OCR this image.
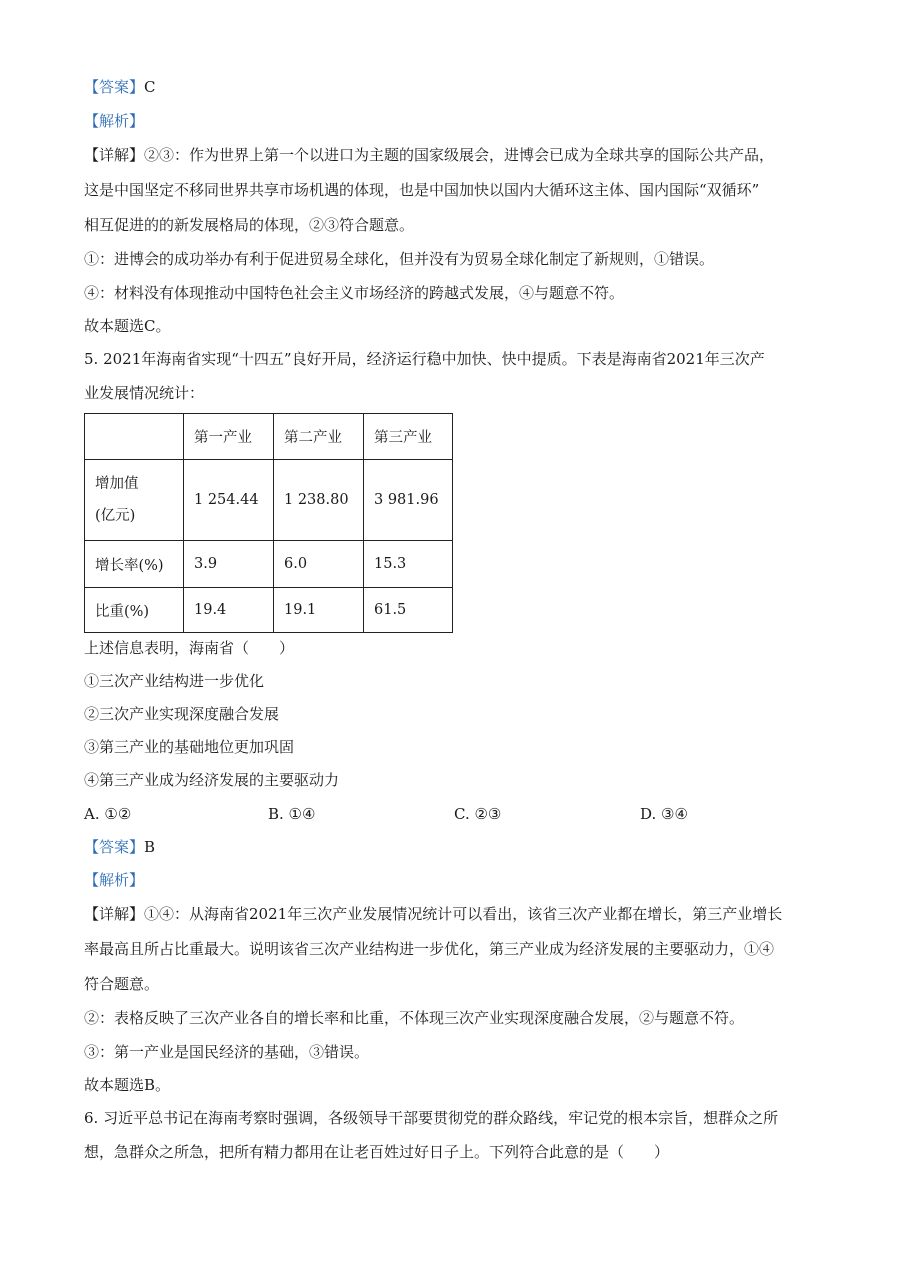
【答案】C
【解析】
【详解】②③：作为世界上第一个以进口为主题的国家级展会，进博会已成为全球共享的国际公共产品，
这是中国坚定不移同世界共享市场机遇的体现，也是中国加快以国内大循环这主体、国内国际“双循环”
相互促进的的新发展格局的体现，②③符合题意。
①：进博会的成功举办有利于促进贸易全球化，但并没有为贸易全球化制定了新规则，①错误。
④：材料没有体现推动中国特色社会主义市场经济的跨越式发展，④与题意不符。
故本题选C。
5. 2021年海南省实现“十四五”良好开局，经济运行稳中加快、快中提质。下表是海南省2021年三次产
业发展情况统计：
	第一产业	第二产业	第三产业
增加值
(亿元)	1 254.44	1 238.80	3 981.96
增长率(%)	3.9	6.0	15.3
比重(%)	19.4	19.1	61.5
上述信息表明，海南省（　　）
①三次产业结构进一步优化
②三次产业实现深度融合发展
③第三产业的基础地位更加巩固
④第三产业成为经济发展的主要驱动力
A. ①②	B. ①④	C. ②③	D. ③④
【答案】B
【解析】
【详解】①④：从海南省2021年三次产业发展情况统计可以看出，该省三次产业都在增长，第三产业增长
率最高且所占比重最大。说明该省三次产业结构进一步优化，第三产业成为经济发展的主要驱动力，①④
符合题意。
②：表格反映了三次产业各自的增长率和比重，不体现三次产业实现深度融合发展，②与题意不符。
③：第一产业是国民经济的基础，③错误。
故本题选B。
6. 习近平总书记在海南考察时强调，各级领导干部要贯彻党的群众路线，牢记党的根本宗旨，想群众之所
想，急群众之所急，把所有精力都用在让老百姓过好日子上。下列符合此意的是（　　）
